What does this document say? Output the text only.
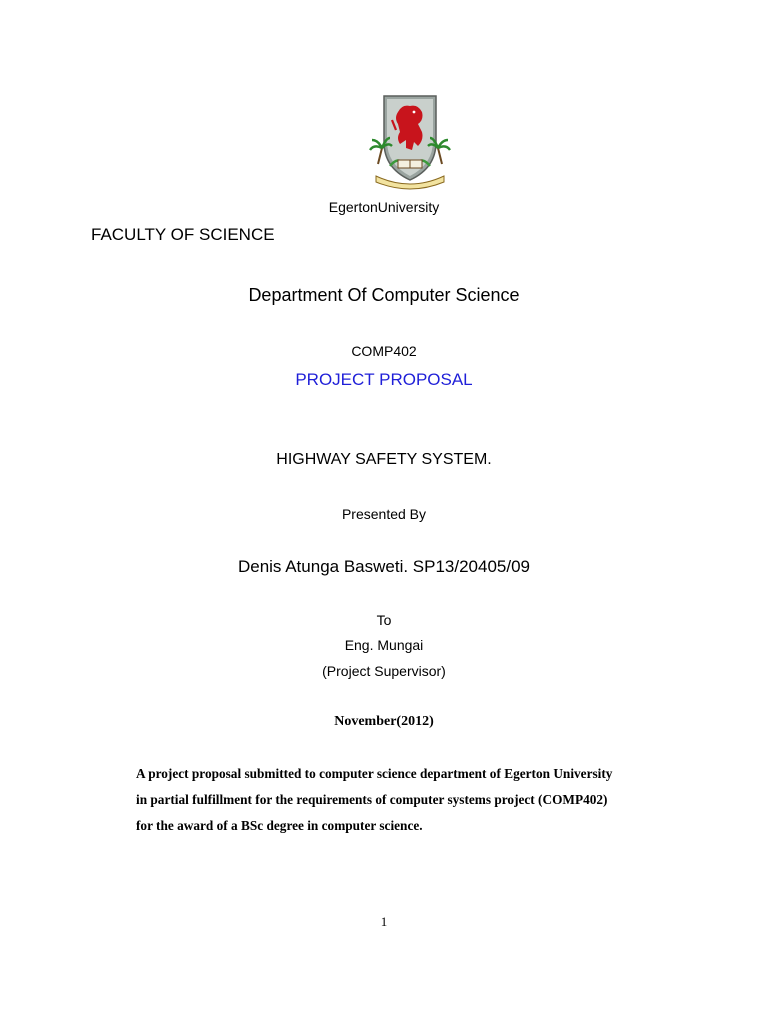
EgertonUniversity
FACULTY OF SCIENCE
Department Of Computer Science
COMP402
PROJECT PROPOSAL
HIGHWAY SAFETY SYSTEM.
Presented By
Denis Atunga Basweti. SP13/20405/09
To
Eng. Mungai
(Project Supervisor)
November(2012)
A project proposal submitted to computer science department of Egerton University
in partial fulfillment for the requirements of computer systems project (COMP402)
for the award of a BSc degree in computer science.
1
